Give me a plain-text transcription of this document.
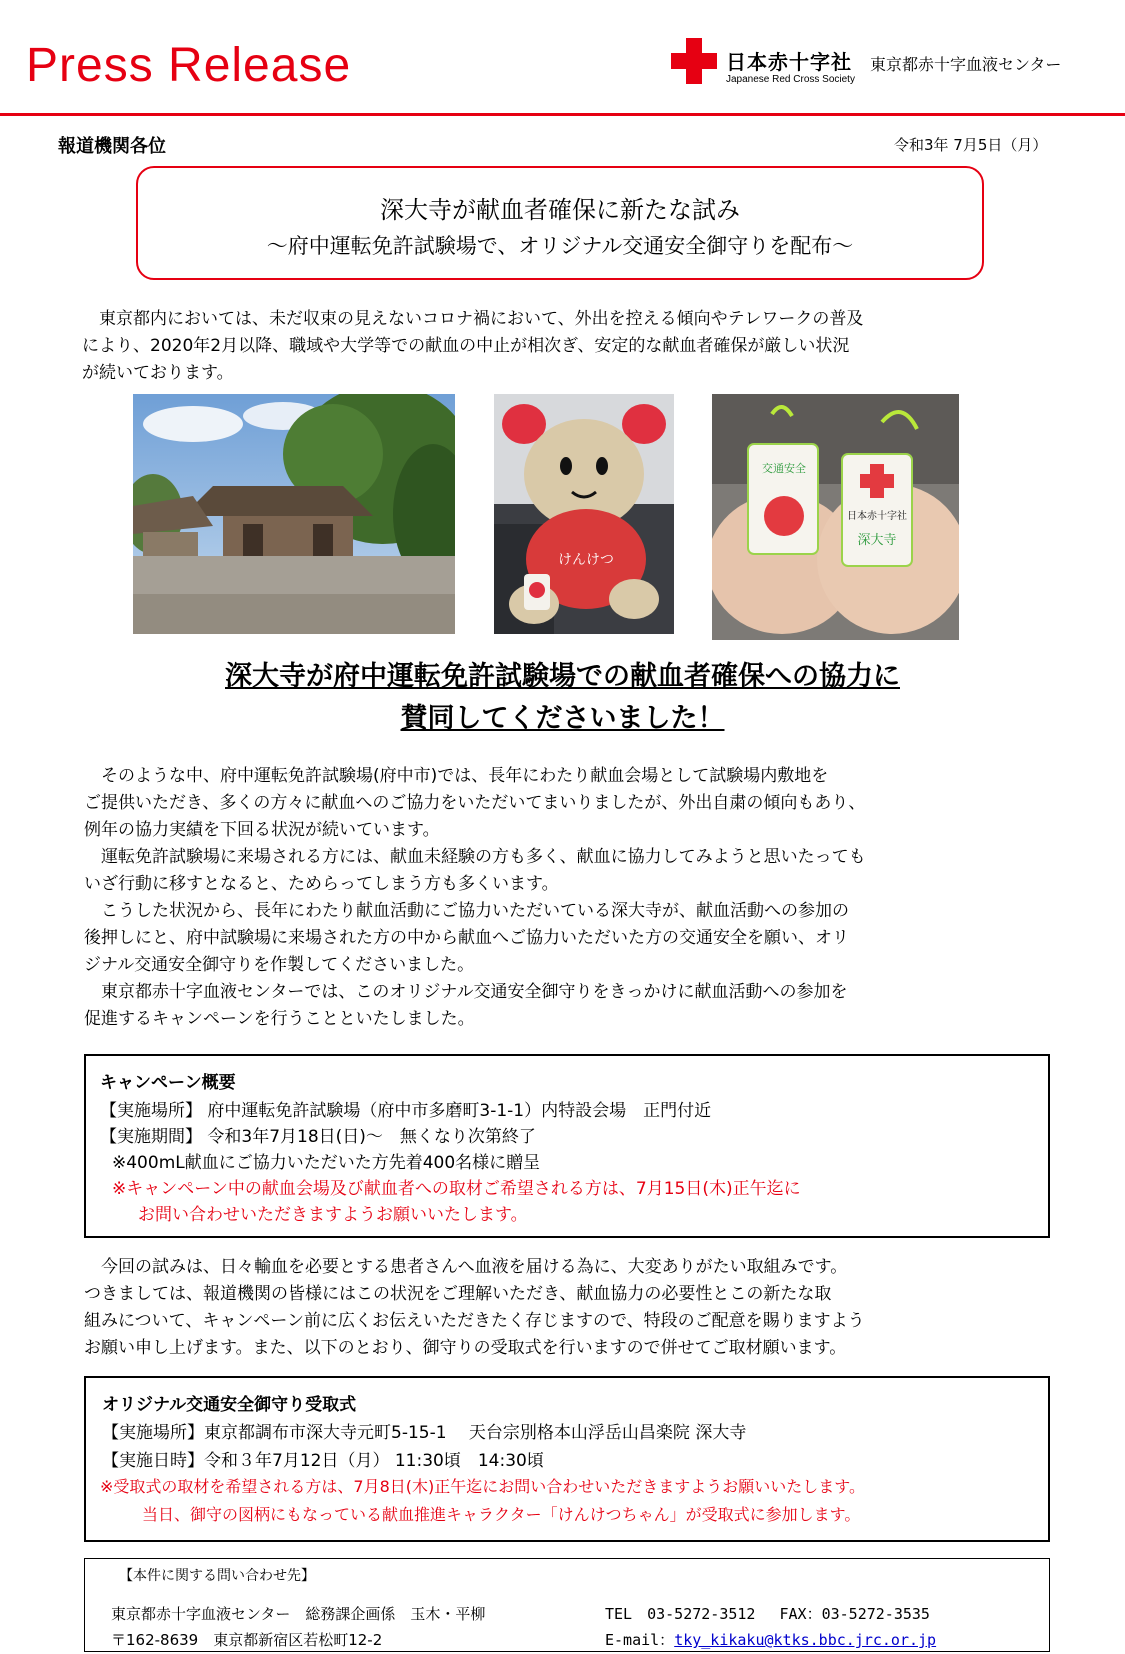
Press Release	日本赤十字社
Japanese Red Cross Society
東京都赤十字血液センター
報道機関各位	令和3年 7月5日（月）
深大寺が献血者確保に新たな試み
～府中運転免許試験場で、オリジナル交通安全御守りを配布～
　東京都内においては、未だ収束の見えないコロナ禍において、外出を控える傾向やテレワークの普及
により、2020年2月以降、職域や大学等での献血の中止が相次ぎ、安定的な献血者確保が厳しい状況
が続いております。
けんけつ
交通安全
日本赤十字社
深大寺
深大寺が府中運転免許試験場での献血者確保への協力に
賛同してくださいました！
　そのような中、府中運転免許試験場(府中市)では、長年にわたり献血会場として試験場内敷地を
ご提供いただき、多くの方々に献血へのご協力をいただいてまいりましたが、外出自粛の傾向もあり、
例年の協力実績を下回る状況が続いています。
　運転免許試験場に来場される方には、献血未経験の方も多く、献血に協力してみようと思いたっても
いざ行動に移すとなると、ためらってしまう方も多くいます。
　こうした状況から、長年にわたり献血活動にご協力いただいている深大寺が、献血活動への参加の
後押しにと、府中試験場に来場された方の中から献血へご協力いただいた方の交通安全を願い、オリ
ジナル交通安全御守りを作製してくださいました。
　東京都赤十字血液センターでは、このオリジナル交通安全御守りをきっかけに献血活動への参加を
促進するキャンペーンを行うことといたしました。
キャンペーン概要
【実施場所】 府中運転免許試験場（府中市多磨町3-1-1）内特設会場　正門付近
【実施期間】 令和3年7月18日(日)～　無くなり次第終了
※400mL献血にご協力いただいた方先着400名様に贈呈
※キャンペーン中の献血会場及び献血者への取材ご希望される方は、7月15日(木)正午迄に
お問い合わせいただきますようお願いいたします。
　今回の試みは、日々輸血を必要とする患者さんへ血液を届ける為に、大変ありがたい取組みです。
つきましては、報道機関の皆様にはこの状況をご理解いただき、献血協力の必要性とこの新たな取
組みについて、キャンペーン前に広くお伝えいただきたく存じますので、特段のご配意を賜りますよう
お願い申し上げます。また、以下のとおり、御守りの受取式を行いますので併せてご取材願います。
オリジナル交通安全御守り受取式
【実施場所】東京都調布市深大寺元町5-15-1　 天台宗別格本山浮岳山昌楽院 深大寺
【実施日時】令和３年7月12日（月） 11:30頃　14:30頃
※受取式の取材を希望される方は、7月8日(木)正午迄にお問い合わせいただきますようお願いいたします。
当日、御守の図柄にもなっている献血推進キャラクター「けんけつちゃん」が受取式に参加します。
【本件に関する問い合わせ先】
東京都赤十字血液センター　総務課企画係　玉木・平柳
〒162-8639　東京都新宿区若松町12-2
TEL　03-5272-3512　 FAX：03-5272-3535
E-mail：tky_kikaku@ktks.bbc.jrc.or.jp
